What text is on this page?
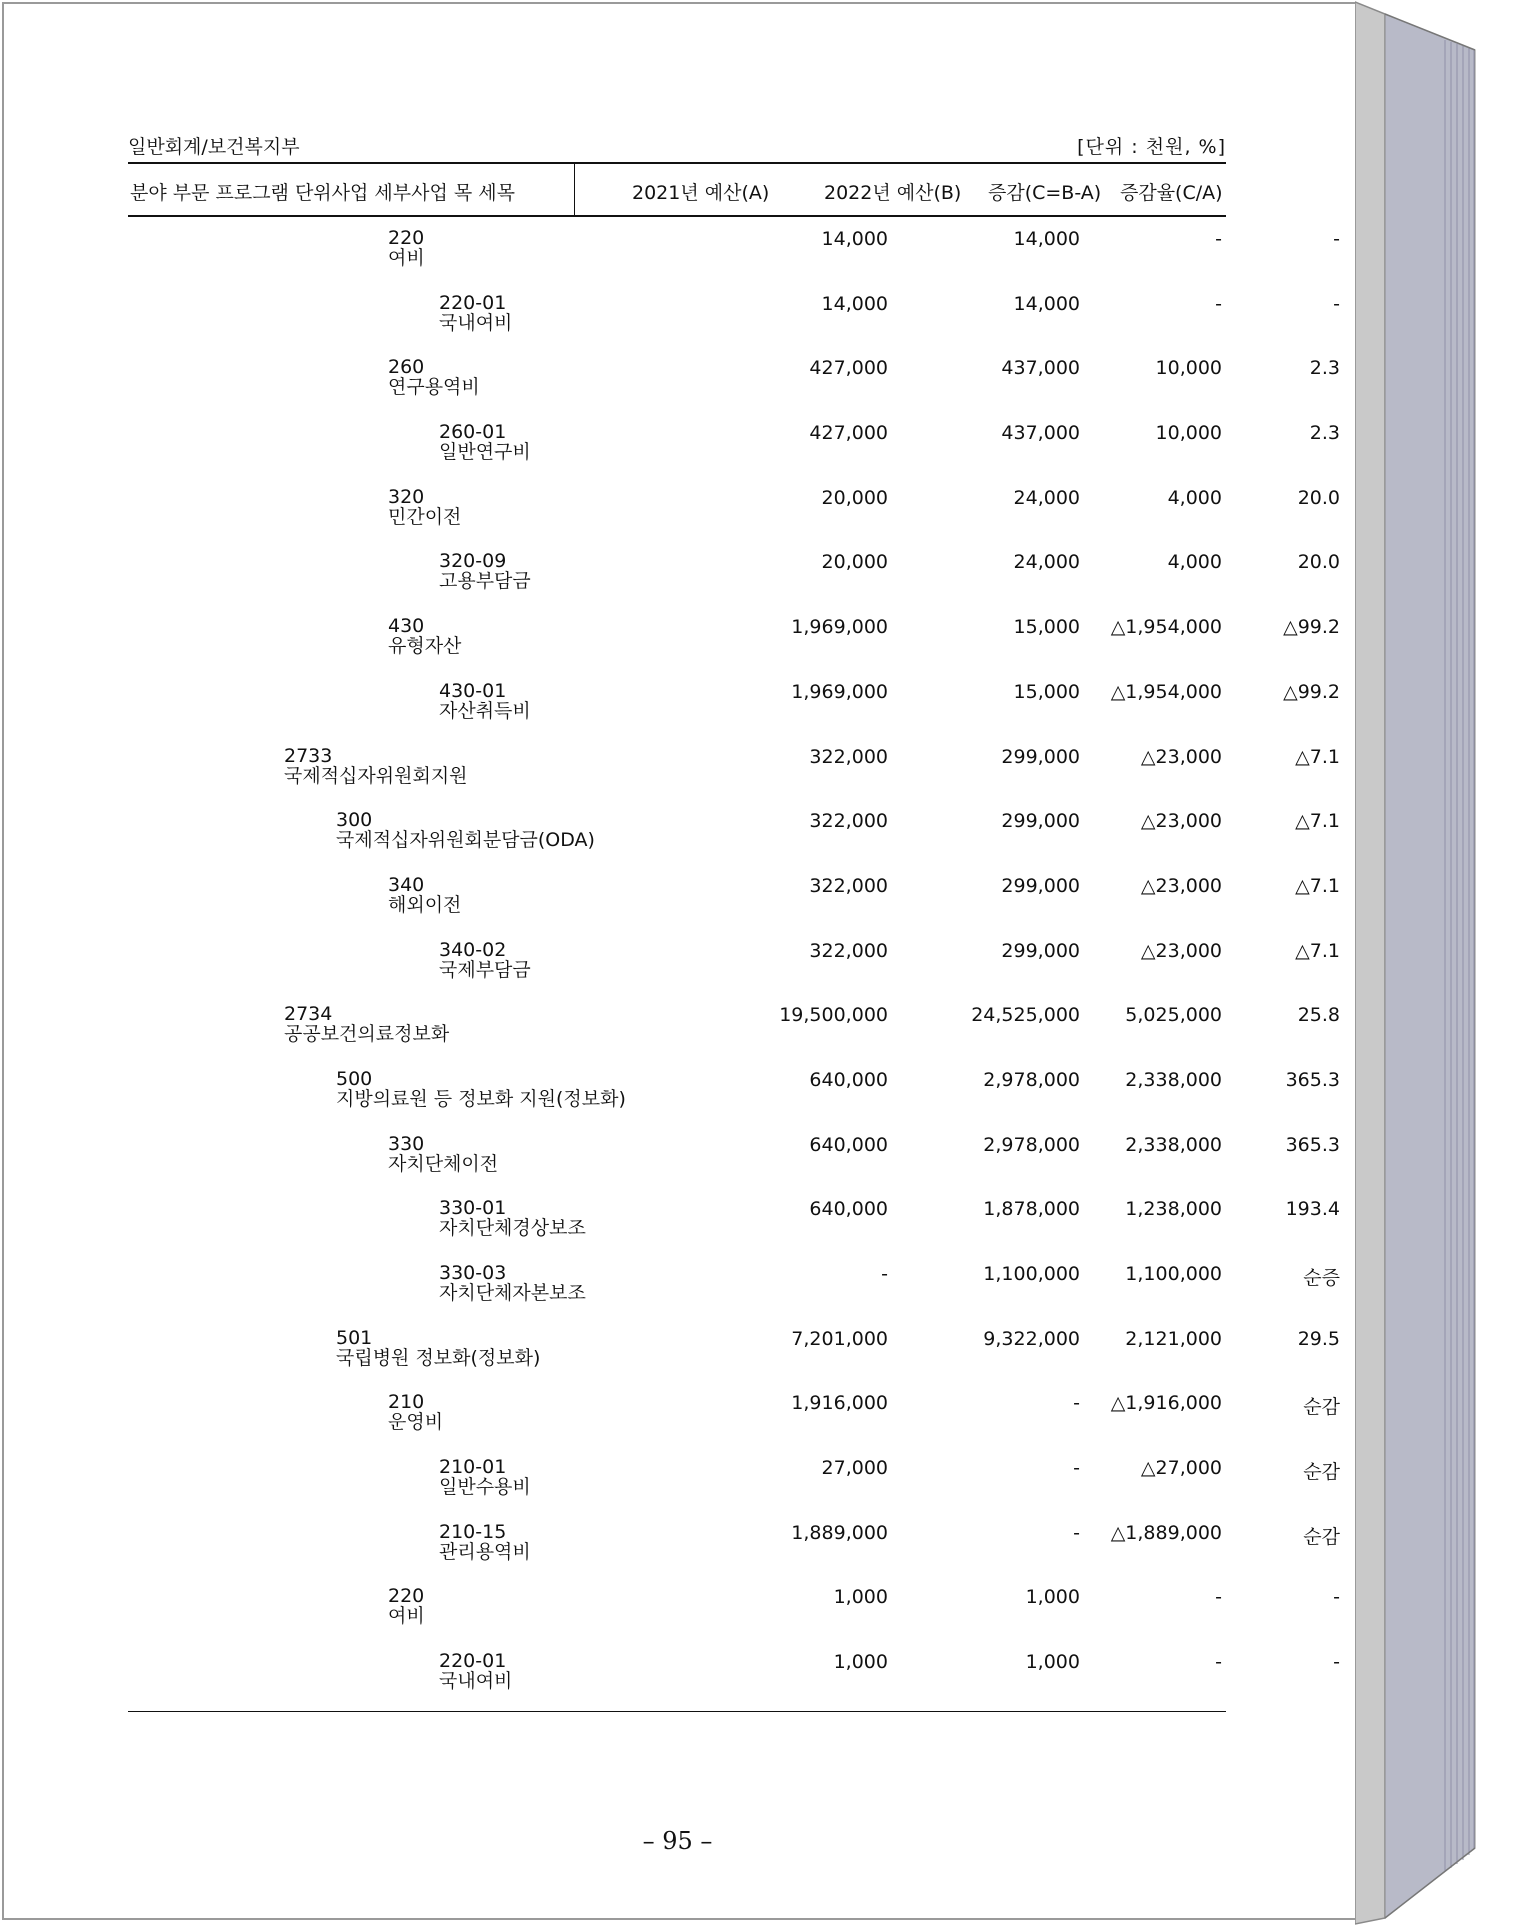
일반회계/보건복지부	[단위 : 천원, %]
분야 부문 프로그램 단위사업 세부사업 목 세목	2021년 예산(A)	2022년 예산(B) 증감(C=B-A) 증감율(C/A)
220
여비
14,000	14,000	-	-
220-01
국내여비
14,000	14,000	-	-
260
연구용역비
427,000	437,000	10,000	2.3
260-01
일반연구비
427,000	437,000	10,000	2.3
320
민간이전
20,000	24,000	4,000	20.0
320-09
고용부담금
20,000	24,000	4,000	20.0
430
유형자산
1,969,000	15,000 △1,954,000	△99.2
430-01
자산취득비
1,969,000	15,000 △1,954,000	△99.2
2733
국제적십자위원회지원
322,000	299,000	△23,000	△7.1
300
국제적십자위원회분담금(ODA)
322,000	299,000	△23,000	△7.1
340
해외이전
322,000	299,000	△23,000	△7.1
340-02
국제부담금
322,000	299,000	△23,000	△7.1
2734
공공보건의료정보화
19,500,000	24,525,000 5,025,000	25.8
500
지방의료원 등 정보화 지원(정보화)
640,000	2,978,000 2,338,000	365.3
330
자치단체이전
640,000	2,978,000 2,338,000	365.3
330-01
자치단체경상보조
640,000	1,878,000 1,238,000	193.4
330-03
자치단체자본보조
-	1,100,000 1,100,000	순증
501
국립병원 정보화(정보화)
7,201,000	9,322,000 2,121,000	29.5
210
운영비
1,916,000	- △1,916,000	순감
210-01
일반수용비
27,000	-	△27,000	순감
210-15
관리용역비
1,889,000	- △1,889,000	순감
220
여비
1,000	1,000	-	-
220-01
국내여비
1,000	1,000	-	-
– 95 –
